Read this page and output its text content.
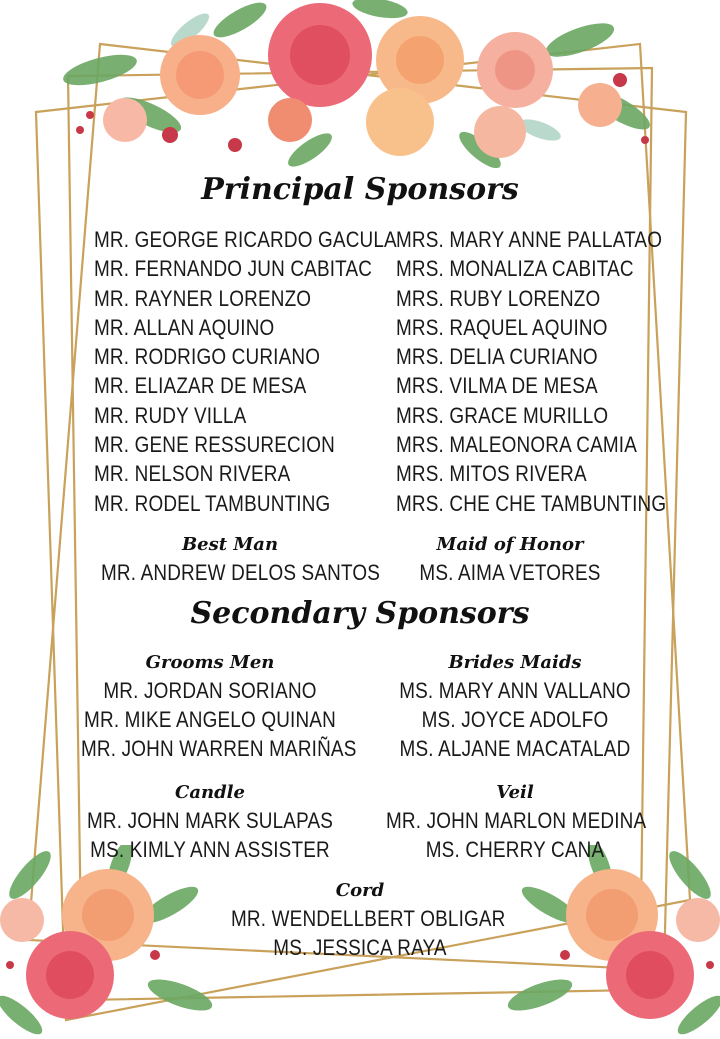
Principal Sponsors
MR. GEORGE RICARDO GACULA
MR. FERNANDO JUN CABITAC
MR. RAYNER LORENZO
MR. ALLAN AQUINO
MR. RODRIGO CURIANO
MR. ELIAZAR DE MESA
MR. RUDY VILLA
MR. GENE RESSURECION
MR. NELSON RIVERA
MR. RODEL TAMBUNTING
MRS. MARY ANNE PALLATAO
MRS. MONALIZA CABITAC
MRS. RUBY LORENZO
MRS. RAQUEL AQUINO
MRS. DELIA CURIANO
MRS. VILMA DE MESA
MRS. GRACE MURILLO
MRS. MALEONORA CAMIA
MRS. MITOS RIVERA
MRS. CHE CHE TAMBUNTING
Best Man
MR. ANDREW DELOS SANTOS
Maid of Honor
MS. AIMA VETORES
Secondary Sponsors
Grooms Men
MR. JORDAN SORIANO
MR. MIKE ANGELO QUINAN
MR. JOHN WARREN MARIÑAS
Brides Maids
MS. MARY ANN VALLANO
MS. JOYCE ADOLFO
MS. ALJANE MACATALAD
Candle
MR. JOHN MARK SULAPAS
MS. KIMLY ANN ASSISTER
Veil
MR. JOHN MARLON MEDINA
MS. CHERRY CANA
Cord
MR. WENDELLBERT OBLIGAR
MS. JESSICA RAYA
